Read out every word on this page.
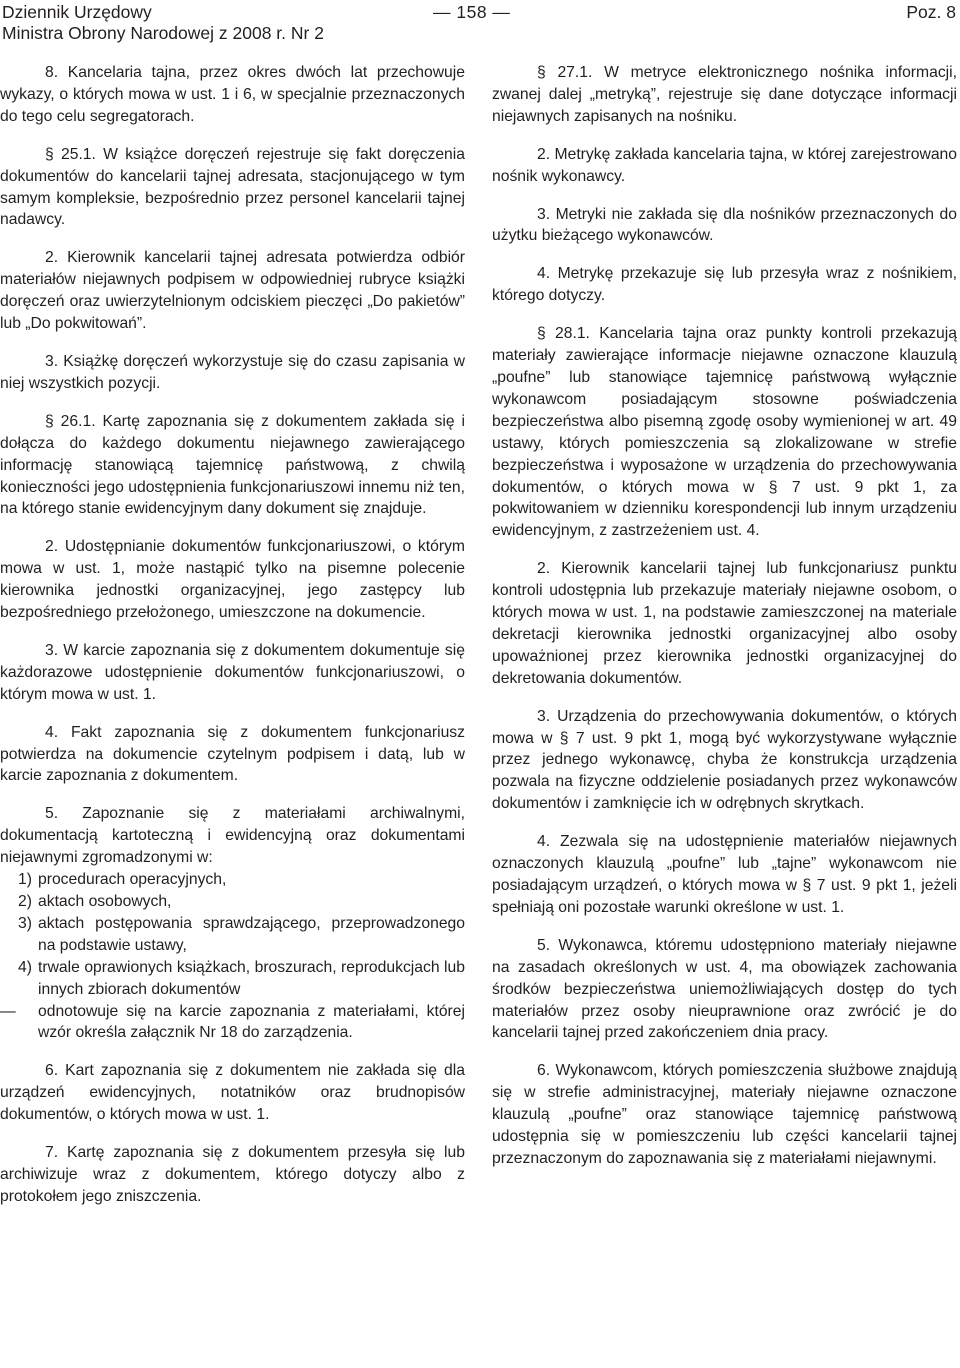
Dziennik Urzędowy	— 158 —	Poz. 8
Ministra Obrony Narodowej z 2008 r. Nr 2

8. Kancelaria tajna, przez okres dwóch lat przechowuje wykazy, o których mowa w ust. 1 i 6, w specjalnie przeznaczonych do tego celu segregatorach.

§ 25.1. W książce doręczeń rejestruje się fakt doręczenia dokumentów do kancelarii tajnej adresata, stacjonującego w tym samym kompleksie, bezpośrednio przez personel kancelarii tajnej nadawcy.

2. Kierownik kancelarii tajnej adresata potwierdza odbiór materiałów niejawnych podpisem w odpowiedniej rubryce książki doręczeń oraz uwierzytelnionym odciskiem pieczęci „Do pakietów” lub „Do pokwitowań”.

3. Książkę doręczeń wykorzystuje się do czasu zapisania w niej wszystkich pozycji.

§ 26.1. Kartę zapoznania się z dokumentem zakłada się i dołącza do każdego dokumentu niejawnego zawierającego informację stanowiącą tajemnicę państwową, z chwilą konieczności jego udostępnienia funkcjonariuszowi innemu niż ten, na którego stanie ewidencyjnym dany dokument się znajduje.

2. Udostępnianie dokumentów funkcjonariuszowi, o którym mowa w ust. 1, może nastąpić tylko na pisemne polecenie kierownika jednostki organizacyjnej, jego zastępcy lub bezpośredniego przełożonego, umieszczone na dokumencie.

3. W karcie zapoznania się z dokumentem dokumentuje się każdorazowe udostępnienie dokumentów funkcjonariuszowi, o którym mowa w ust. 1.

4. Fakt zapoznania się z dokumentem funkcjonariusz potwierdza na dokumencie czytelnym podpisem i datą, lub w karcie zapoznania z dokumentem.

5. Zapoznanie się z materiałami archiwalnymi, dokumentacją kartoteczną i ewidencyjną oraz dokumentami niejawnymi zgromadzonymi w:

1) procedurach operacyjnych,
2) aktach osobowych,
3) aktach postępowania sprawdzającego, przeprowadzonego na podstawie ustawy,
4) trwale oprawionych książkach, broszurach, reprodukcjach lub innych zbiorach dokumentów
— odnotowuje się na karcie zapoznania z materiałami, której wzór określa załącznik Nr 18 do zarządzenia.

6. Kart zapoznania się z dokumentem nie zakłada się dla urządzeń ewidencyjnych, notatników oraz brudnopisów dokumentów, o których mowa w ust. 1.

7. Kartę zapoznania się z dokumentem przesyła się lub archiwizuje wraz z dokumentem, którego dotyczy albo z protokołem jego zniszczenia.

§ 27.1. W metryce elektronicznego nośnika informacji, zwanej dalej „metryką”, rejestruje się dane dotyczące informacji niejawnych zapisanych na nośniku.

2. Metrykę zakłada kancelaria tajna, w której zarejestrowano nośnik wykonawcy.

3. Metryki nie zakłada się dla nośników przeznaczonych do użytku bieżącego wykonawców.

4. Metrykę przekazuje się lub przesyła wraz z nośnikiem, którego dotyczy.

§ 28.1. Kancelaria tajna oraz punkty kontroli przekazują materiały zawierające informacje niejawne oznaczone klauzulą „poufne” lub stanowiące tajemnicę państwową wyłącznie wykonawcom posiadającym stosowne poświadczenia bezpieczeństwa albo pisemną zgodę osoby wymienionej w art. 49 ustawy, których pomieszczenia są zlokalizowane w strefie bezpieczeństwa i wyposażone w urządzenia do przechowywania dokumentów, o których mowa w § 7 ust. 9 pkt 1, za pokwitowaniem w dzienniku korespondencji lub innym urządzeniu ewidencyjnym, z zastrzeżeniem ust. 4.

2. Kierownik kancelarii tajnej lub funkcjonariusz punktu kontroli udostępnia lub przekazuje materiały niejawne osobom, o których mowa w ust. 1, na podstawie zamieszczonej na materiale dekretacji kierownika jednostki organizacyjnej albo osoby upoważnionej przez kierownika jednostki organizacyjnej do dekretowania dokumentów.

3. Urządzenia do przechowywania dokumentów, o których mowa w § 7 ust. 9 pkt 1, mogą być wykorzystywane wyłącznie przez jednego wykonawcę, chyba że konstrukcja urządzenia pozwala na fizyczne oddzielenie posiadanych przez wykonawców dokumentów i zamknięcie ich w odrębnych skrytkach.

4. Zezwala się na udostępnienie materiałów niejawnych oznaczonych klauzulą „poufne” lub „tajne” wykonawcom nie posiadającym urządzeń, o których mowa w § 7 ust. 9 pkt 1, jeżeli spełniają oni pozostałe warunki określone w ust. 1.

5. Wykonawca, któremu udostępniono materiały niejawne na zasadach określonych w ust. 4, ma obowiązek zachowania środków bezpieczeństwa uniemożliwiających dostęp do tych materiałów przez osoby nieuprawnione oraz zwrócić je do kancelarii tajnej przed zakończeniem dnia pracy.

6. Wykonawcom, których pomieszczenia służbowe znajdują się w strefie administracyjnej, materiały niejawne oznaczone klauzulą „poufne” oraz stanowiące tajemnicę państwową udostępnia się w pomieszczeniu lub części kancelarii tajnej przeznaczonym do zapoznawania się z materiałami niejawnymi.
